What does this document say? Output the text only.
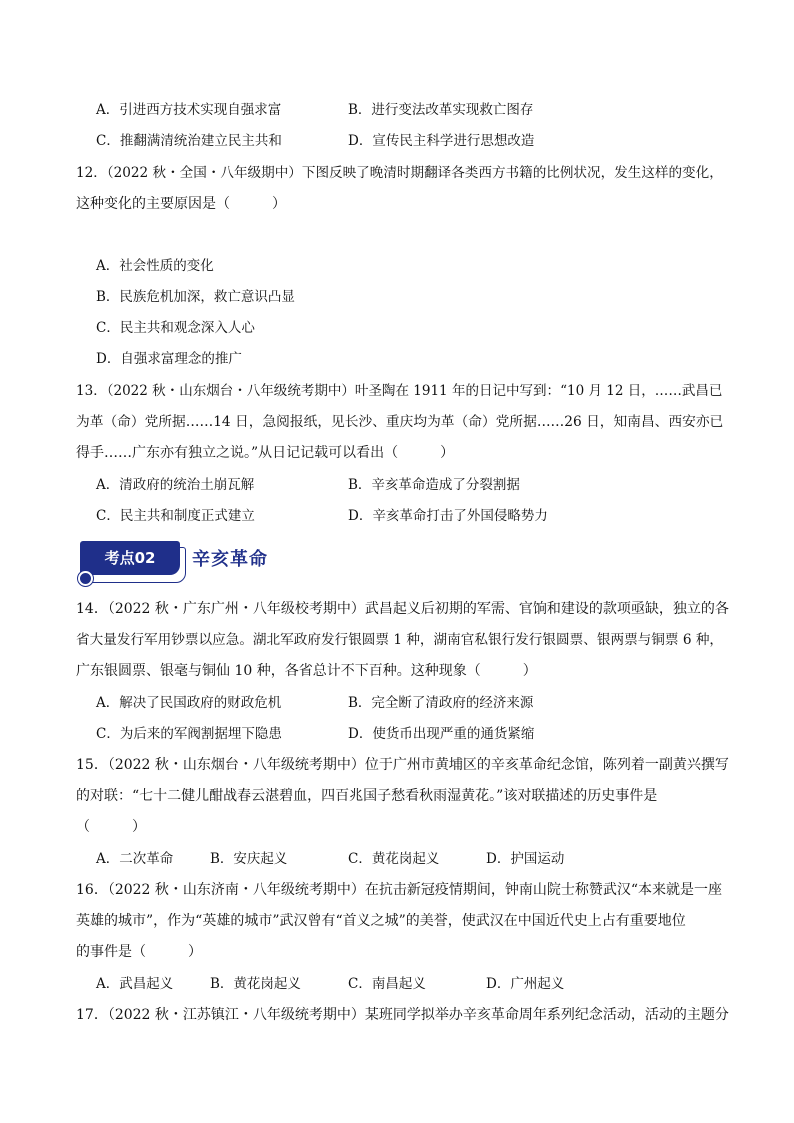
A．引进西方技术实现自强求富	B．进行变法改革实现救亡图存
C．推翻满清统治建立民主共和	D．宣传民主科学进行思想改造
12．（2022 秋・全国・八年级期中）下图反映了晚清时期翻译各类西方书籍的比例状况，发生这样的变化，
这种变化的主要原因是（　　　）
A．社会性质的变化
B．民族危机加深，救亡意识凸显
C．民主共和观念深入人心
D．自强求富理念的推广
13．（2022 秋・山东烟台・八年级统考期中）叶圣陶在 1911 年的日记中写到：“10 月 12 日，……武昌已
为革（命）党所据……14 日，急阅报纸，见长沙、重庆均为革（命）党所据……26 日，知南昌、西安亦已
得手……广东亦有独立之说。”从日记记载可以看出（　　　）
A．清政府的统治土崩瓦解	B．辛亥革命造成了分裂割据
C．民主共和制度正式建立	D．辛亥革命打击了外国侵略势力
考点02	辛亥革命
14．（2022 秋・广东广州・八年级校考期中）武昌起义后初期的军需、官饷和建设的款项亟缺，独立的各
省大量发行军用钞票以应急。湖北军政府发行银圆票 1 种，湖南官私银行发行银圆票、银两票与铜票 6 种，
广东银圆票、银毫与铜仙 10 种，各省总计不下百种。这种现象（　　　）
A．解决了民国政府的财政危机	B．完全断了清政府的经济来源
C．为后来的军阀割据埋下隐患	D．使货币出现严重的通货紧缩
15．（2022 秋・山东烟台・八年级统考期中）位于广州市黄埔区的辛亥革命纪念馆，陈列着一副黄兴撰写
的对联：“七十二健儿酣战春云湛碧血，四百兆国子愁看秋雨湿黄花。”该对联描述的历史事件是
（　　　）
A．二次革命	B．安庆起义	C．黄花岗起义	D．护国运动
16．（2022 秋・山东济南・八年级统考期中）在抗击新冠疫情期间，钟南山院士称赞武汉“本来就是一座
英雄的城市”，作为“英雄的城市”武汉曾有“首义之城”的美誉，使武汉在中国近代史上占有重要地位
的事件是（　　　）
A．武昌起义	B．黄花岗起义	C．南昌起义	D．广州起义
17．（2022 秋・江苏镇江・八年级统考期中）某班同学拟举办辛亥革命周年系列纪念活动，活动的主题分
